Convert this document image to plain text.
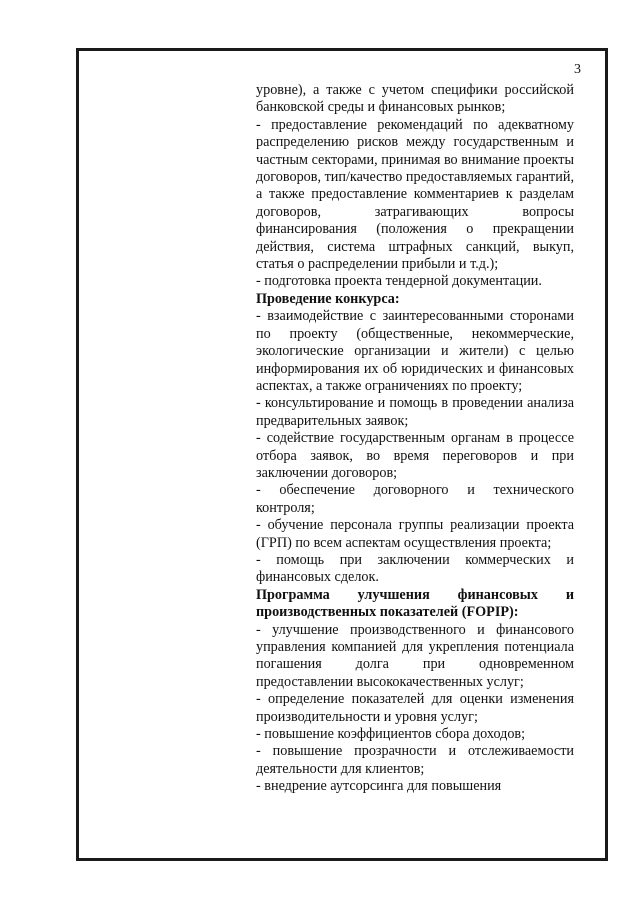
3

уровне), а также с учетом специфики российской банковской среды и финансовых рынков;

- предоставление рекомендаций по адекватному распределению рисков между государственным и частным секторами, принимая во внимание проекты договоров, тип/качество предоставляемых гарантий, а также предоставление комментариев к разделам договоров, затрагивающих вопросы финансирования (положения о прекращении действия, система штрафных санкций, выкуп, статья о распределении прибыли и т.д.);

- подготовка проекта тендерной документации.

Проведение конкурса:

- взаимодействие с заинтересованными сторонами по проекту (общественные, некоммерческие, экологические организации и жители) с целью информирования их об юридических и финансовых аспектах, а также ограничениях по проекту;

- консультирование и помощь в проведении анализа предварительных заявок;

- содействие государственным органам в процессе отбора заявок, во время переговоров и при заключении договоров;

- обеспечение договорного и технического контроля;

- обучение персонала группы реализации проекта (ГРП) по всем аспектам осуществления проекта;

- помощь при заключении коммерческих и финансовых сделок.

Программа улучшения финансовых и производственных показателей (FOPIP):

- улучшение производственного и финансового управления компанией для укрепления потенциала погашения долга при одновременном предоставлении высококачественных услуг;

- определение показателей для оценки изменения производительности и уровня услуг;

- повышение коэффициентов сбора доходов;

- повышение прозрачности и отслеживаемости деятельности для клиентов;

- внедрение аутсорсинга для повышения
